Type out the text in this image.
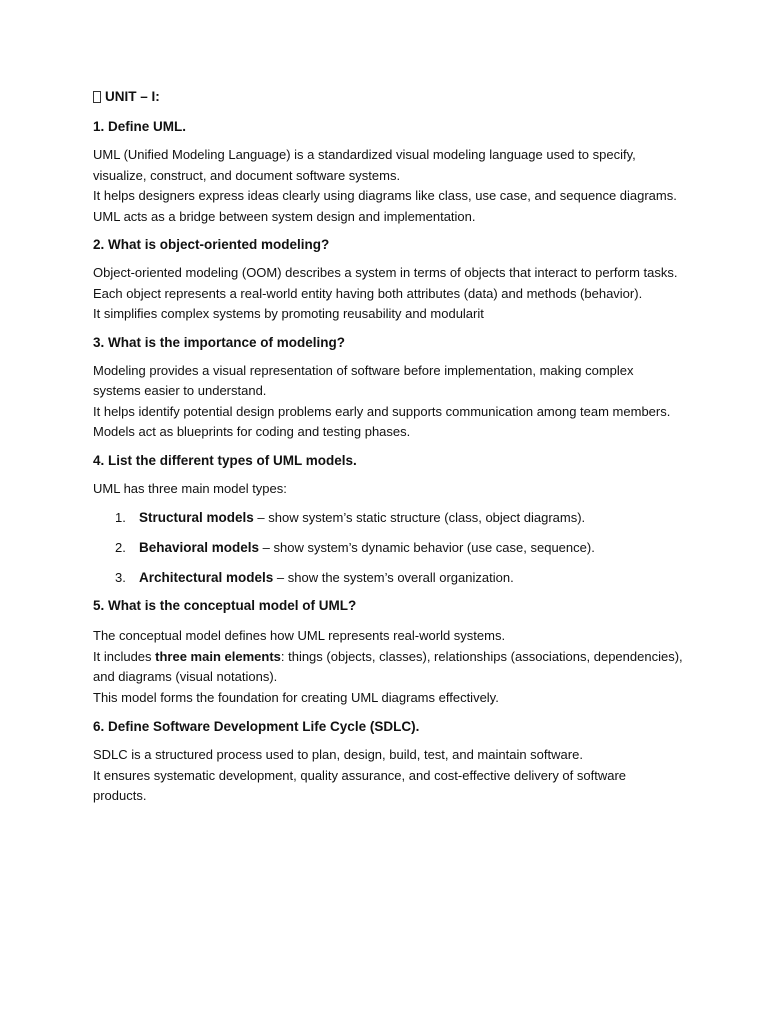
UNIT – I:

1. Define UML.

UML (Unified Modeling Language) is a standardized visual modeling language used to specify, visualize, construct, and document software systems.

It helps designers express ideas clearly using diagrams like class, use case, and sequence diagrams.

UML acts as a bridge between system design and implementation.

2. What is object-oriented modeling?

Object-oriented modeling (OOM) describes a system in terms of objects that interact to perform tasks.

Each object represents a real-world entity having both attributes (data) and methods (behavior).

It simplifies complex systems by promoting reusability and modularit

3. What is the importance of modeling?

Modeling provides a visual representation of software before implementation, making complex systems easier to understand.

It helps identify potential design problems early and supports communication among team members.

Models act as blueprints for coding and testing phases.

4. List the different types of UML models.

UML has three main model types:

1. Structural models – show system’s static structure (class, object diagrams).
2. Behavioral models – show system’s dynamic behavior (use case, sequence).
3. Architectural models – show the system’s overall organization.

5. What is the conceptual model of UML?

The conceptual model defines how UML represents real-world systems.

It includes three main elements: things (objects, classes), relationships (associations, dependencies), and diagrams (visual notations).

This model forms the foundation for creating UML diagrams effectively.

6. Define Software Development Life Cycle (SDLC).

SDLC is a structured process used to plan, design, build, test, and maintain software.

It ensures systematic development, quality assurance, and cost-effective delivery of software products.
